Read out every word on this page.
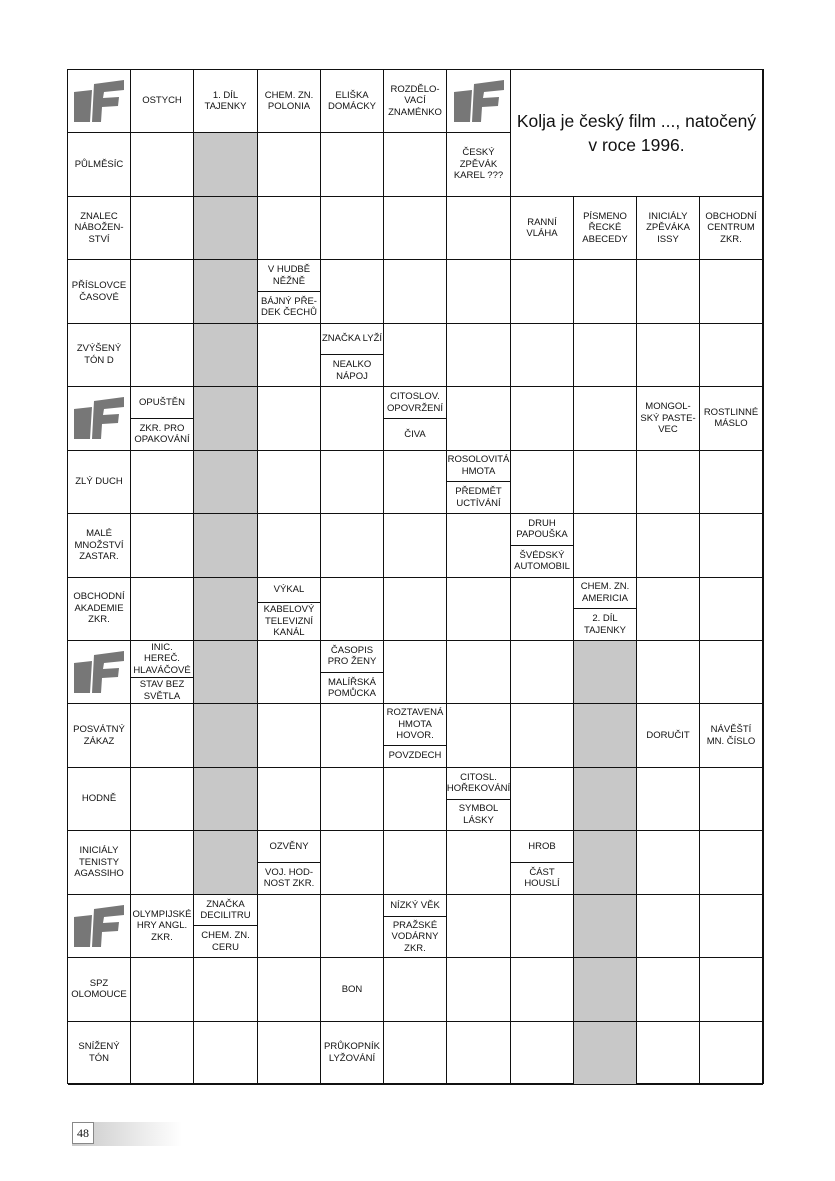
OSTYCH
1. DÍL TAJENKY
CHEM. ZN. POLONIA
ELIŠKA DOMÁCKY
ROZDĚLO-VACÍ ZNAMÉNKO	Kolja je český film ..., natočený v roce 1996.
PŮLMĚSÍC
ČESKÝ ZPĚVÁK KAREL ???
ZNALEC NÁBOŽEN-STVÍ
RANNÍ VLÁHA
PÍSMENO ŘECKÉ ABECEDY
INICIÁLY ZPĚVÁKA ISSY
OBCHODNÍ CENTRUM ZKR.
PŘÍSLOVCE ČASOVÉ
V HUDBĚ NĚŽNĚ
BÁJNÝ PŘE-DEK ČECHŮ
ZVÝŠENÝ TÓN D
ZNAČKA LYŽÍ
NEALKO NÁPOJ
OPUŠTĚN
ZKR. PRO OPAKOVÁNÍ
CITOSLOV. OPOVRŽENÍ
ČIVA
MONGOL-SKÝ PASTE-VEC
ROSTLINNÉ MÁSLO
ZLÝ DUCH
ROSOLOVITÁ HMOTA
PŘEDMĚT UCTÍVÁNÍ
MALÉ MNOŽSTVÍ ZASTAR.
DRUH PAPOUŠKA
ŠVÉDSKÝ AUTOMOBIL
OBCHODNÍ AKADEMIE ZKR.
VÝKAL
KABELOVÝ TELEVIZNÍ KANÁL
CHEM. ZN. AMERICIA
2. DÍL TAJENKY
INIC. HEREČ. HLAVÁČOVÉ
STAV BEZ SVĚTLA
ČASOPIS PRO ŽENY
MALÍŘSKÁ POMŮCKA
POSVÁTNÝ ZÁKAZ
ROZTAVENÁ HMOTA HOVOR.
POVZDECH
DORUČIT
NÁVĚŠTÍ MN. ČÍSLO
HODNĚ
CITOSL. HOŘEKOVÁNÍ
SYMBOL LÁSKY
INICIÁLY TENISTY AGASSIHO
OZVĚNY
VOJ. HOD-NOST ZKR.
HROB
ČÁST HOUSLÍ
OLYMPIJSKÉ HRY ANGL. ZKR.
ZNAČKA DECILITRU
CHEM. ZN. CERU
NÍZKÝ VĚK
PRAŽSKÉ VODÁRNY ZKR.
SPZ OLOMOUCE
BON
SNÍŽENÝ TÓN
PRŮKOPNÍK LYŽOVÁNÍ
48
